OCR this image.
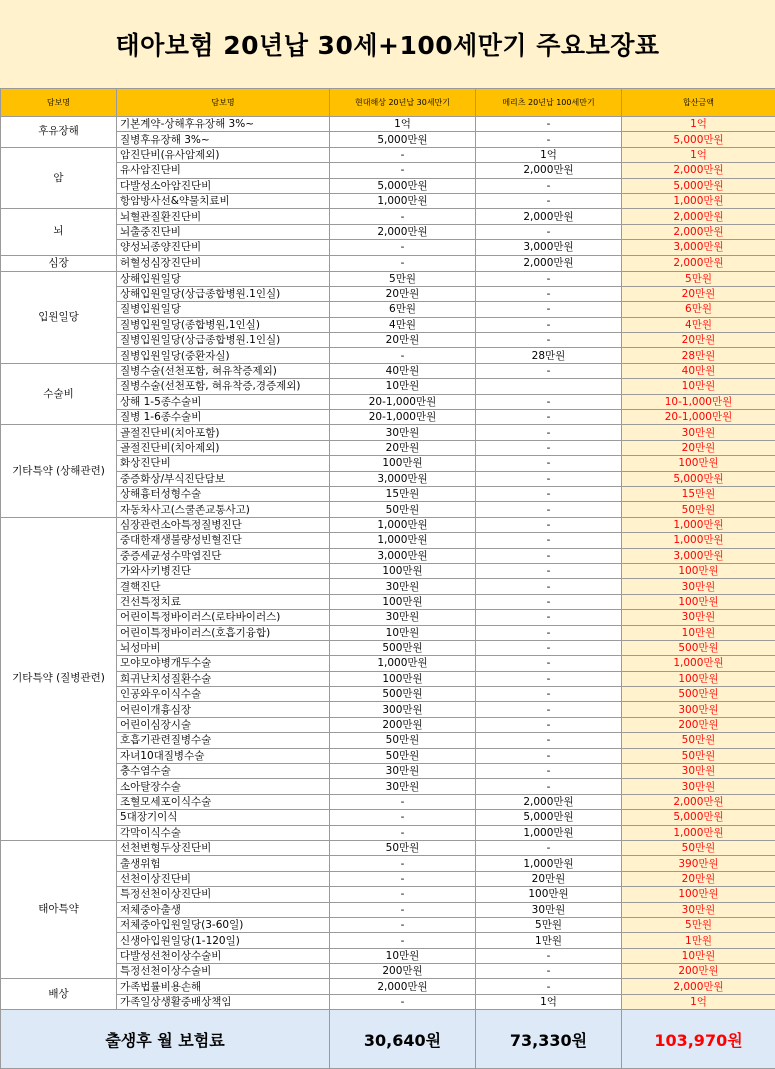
태아보험 20년납 30세+100세만기 주요보장표
담보명	담보명	현대해상 20년납 30세만기	메리츠 20년납 100세만기	합산금액
후유장해	기본계약-상해후유장해 3%~	1억	-	1억
	질병후유장해 3%~	5,000만원	-	5,000만원
암	암진단비(유사암제외)	-	1억	1억
	유사암진단비	-	2,000만원	2,000만원
	다발성소아암진단비	5,000만원	-	5,000만원
	항암방사선&약물치료비	1,000만원	-	1,000만원
뇌	뇌혈관질환진단비	-	2,000만원	2,000만원
	뇌출중진단비	2,000만원	-	2,000만원
	양성뇌종양진단비	-	3,000만원	3,000만원
심장	허혈성심장진단비	-	2,000만원	2,000만원
입원일당	상해입원일당	5만원	-	5만원
	상해입원일당(상급종합병원.1인실)	20만원	-	20만원
	질병입원일당	6만원	-	6만원
	질병입원일당(종합병원,1인실)	4만원	-	4만원
	질병입원일당(상급종합병원.1인실)	20만원	-	20만원
	질병입원일당(중환자실)	-	28만원	28만원
수술비	질병수술(선천포함, 혀유착증제외)	40만원	-	40만원
	질병수술(선천포함, 혀유착증,경증제외)	10만원		10만원
	상해 1-5종수술비	20-1,000만원	-	10-1,000만원
	질병 1-6종수술비	20-1,000만원	-	20-1,000만원
기타특약 (상해관련)	골절진단비(치아포함)	30만원	-	30만원
	골절진단비(치아제외)	20만원	-	20만원
	화상진단비	100만원	-	100만원
	중증화상/부식진단담보	3,000만원	-	5,000만원
	상해흉터성형수술	15만원	-	15만원
	자동차사고(스쿨존교통사고)	50만원	-	50만원
기타특약 (질병관련)	심장관련소아특정질병진단	1,000만원	-	1,000만원
	중대한재생불량성빈혈진단	1,000만원	-	1,000만원
	중증세균성수막염진단	3,000만원	-	3,000만원
	가와사키병진단	100만원	-	100만원
	결핵진단	30만원	-	30만원
	건선특정치료	100만원	-	100만원
	어린이특정바이러스(로타바이러스)	30만원	-	30만원
	어린이특정바이러스(호흡기융합)	10만원	-	10만원
	뇌성마비	500만원	-	500만원
	모야모야병개두수술	1,000만원	-	1,000만원
	희귀난치성질환수술	100만원	-	100만원
	인공와우이식수술	500만원	-	500만원
	어린이개흉심장	300만원	-	300만원
	어린이심장시술	200만원	-	200만원
	호흡기관련질병수술	50만원	-	50만원
	자녀10대질병수술	50만원	-	50만원
	충수염수술	30만원	-	30만원
	소아탈장수술	30만원	-	30만원
	조혈모세포이식수술	-	2,000만원	2,000만원
	5대장기이식	-	5,000만원	5,000만원
	각막이식수술	-	1,000만원	1,000만원
태아특약	선천변형두상진단비	50만원	-	50만원
	출생위험	-	1,000만원	390만원
	선천이상진단비	-	20만원	20만원
	특정선천이상진단비	-	100만원	100만원
	저체중아출생	-	30만원	30만원
	저체중아입원일당(3-60일)	-	5만원	5만원
	신생아입원일당(1-120일)	-	1만원	1만원
	다발성선천이상수술비	10만원	-	10만원
	특정선천이상수술비	200만원	-	200만원
배상	가족법률비용손해	2,000만원	-	2,000만원
	가족일상생활중배상책임	-	1억	1억
출생후 월 보험료		30,640원	73,330원	103,970원
